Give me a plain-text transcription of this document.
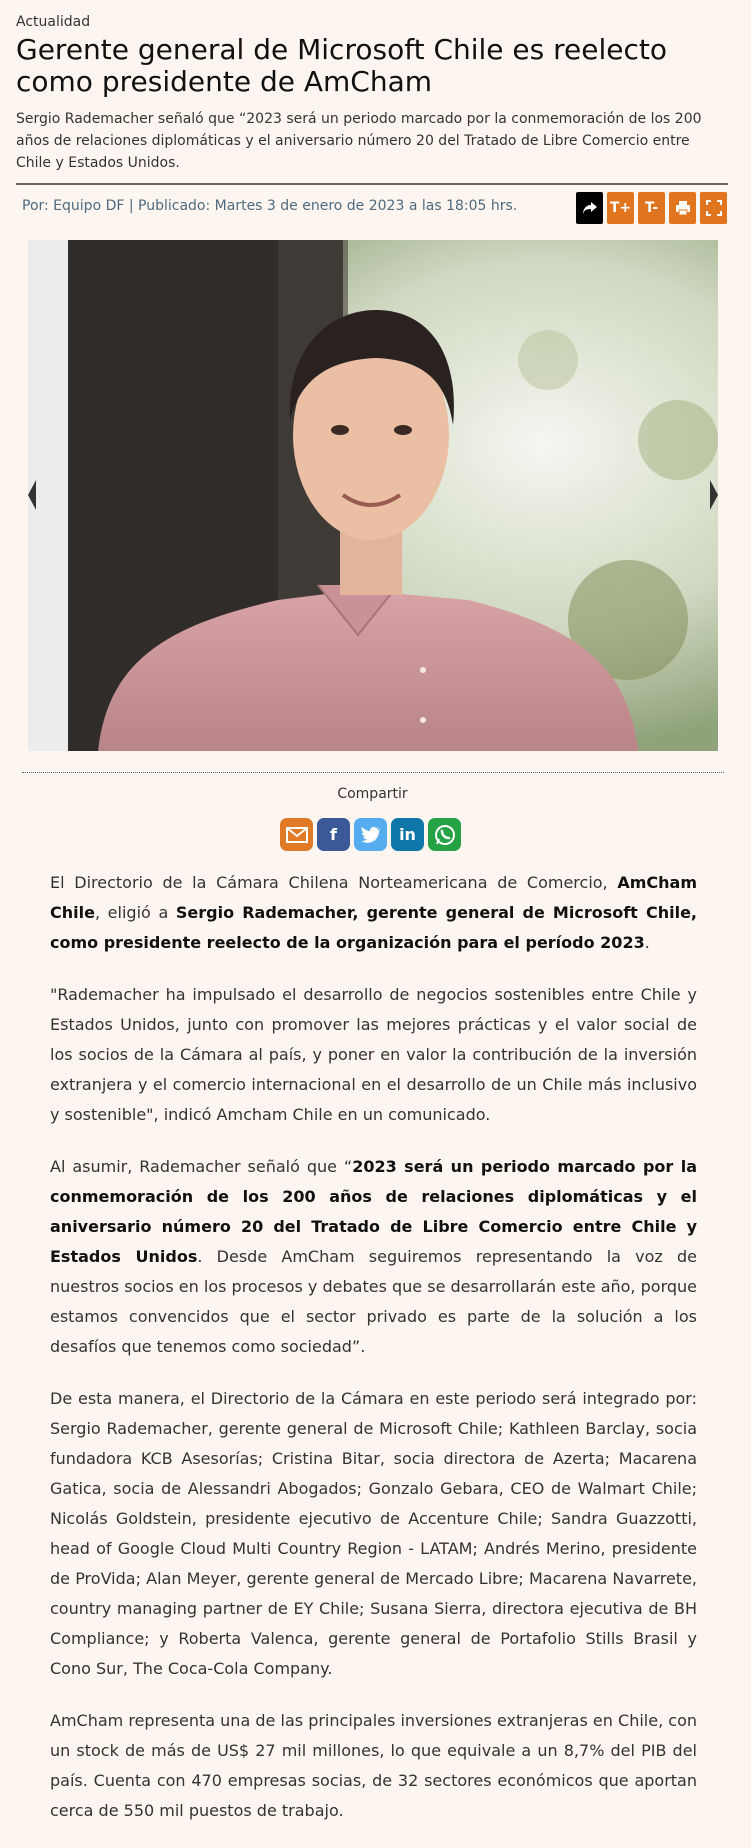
Actualidad
Gerente general de Microsoft Chile es reelecto como presidente de AmCham
Sergio Rademacher señaló que “2023 será un periodo marcado por la conmemoración de los 200 años de relaciones diplomáticas y el aniversario número 20 del Tratado de Libre Comercio entre Chile y Estados Unidos.
Por: Equipo DF | Publicado: Martes 3 de enero de 2023 a las 18:05 hrs.	T+ T-
Compartir
f	in

El Directorio de la Cámara Chilena Norteamericana de Comercio, AmCham Chile, eligió a Sergio Rademacher, gerente general de Microsoft Chile, como presidente reelecto de la organización para el período 2023.

"Rademacher ha impulsado el desarrollo de negocios sostenibles entre Chile y Estados Unidos, junto con promover las mejores prácticas y el valor social de los socios de la Cámara al país, y poner en valor la contribución de la inversión extranjera y el comercio internacional en el desarrollo de un Chile más inclusivo y sostenible", indicó Amcham Chile en un comunicado.

Al asumir, Rademacher señaló que “2023 será un periodo marcado por la conmemoración de los 200 años de relaciones diplomáticas y el aniversario número 20 del Tratado de Libre Comercio entre Chile y Estados Unidos. Desde AmCham seguiremos representando la voz de nuestros socios en los procesos y debates que se desarrollarán este año, porque estamos convencidos que el sector privado es parte de la solución a los desafíos que tenemos como sociedad”.

De esta manera, el Directorio de la Cámara en este periodo será integrado por: Sergio Rademacher, gerente general de Microsoft Chile; Kathleen Barclay, socia fundadora KCB Asesorías; Cristina Bitar, socia directora de Azerta; Macarena Gatica, socia de Alessandri Abogados; Gonzalo Gebara, CEO de Walmart Chile; Nicolás Goldstein, presidente ejecutivo de Accenture Chile; Sandra Guazzotti, head of Google Cloud Multi Country Region - LATAM; Andrés Merino, presidente de ProVida; Alan Meyer, gerente general de Mercado Libre; Macarena Navarrete, country managing partner de EY Chile; Susana Sierra, directora ejecutiva de BH Compliance; y Roberta Valenca, gerente general de Portafolio Stills Brasil y Cono Sur, The Coca-Cola Company.

AmCham representa una de las principales inversiones extranjeras en Chile, con un stock de más de US$ 27 mil millones, lo que equivale a un 8,7% del PIB del país. Cuenta con 470 empresas socias, de 32 sectores económicos que aportan cerca de 550 mil puestos de trabajo.
